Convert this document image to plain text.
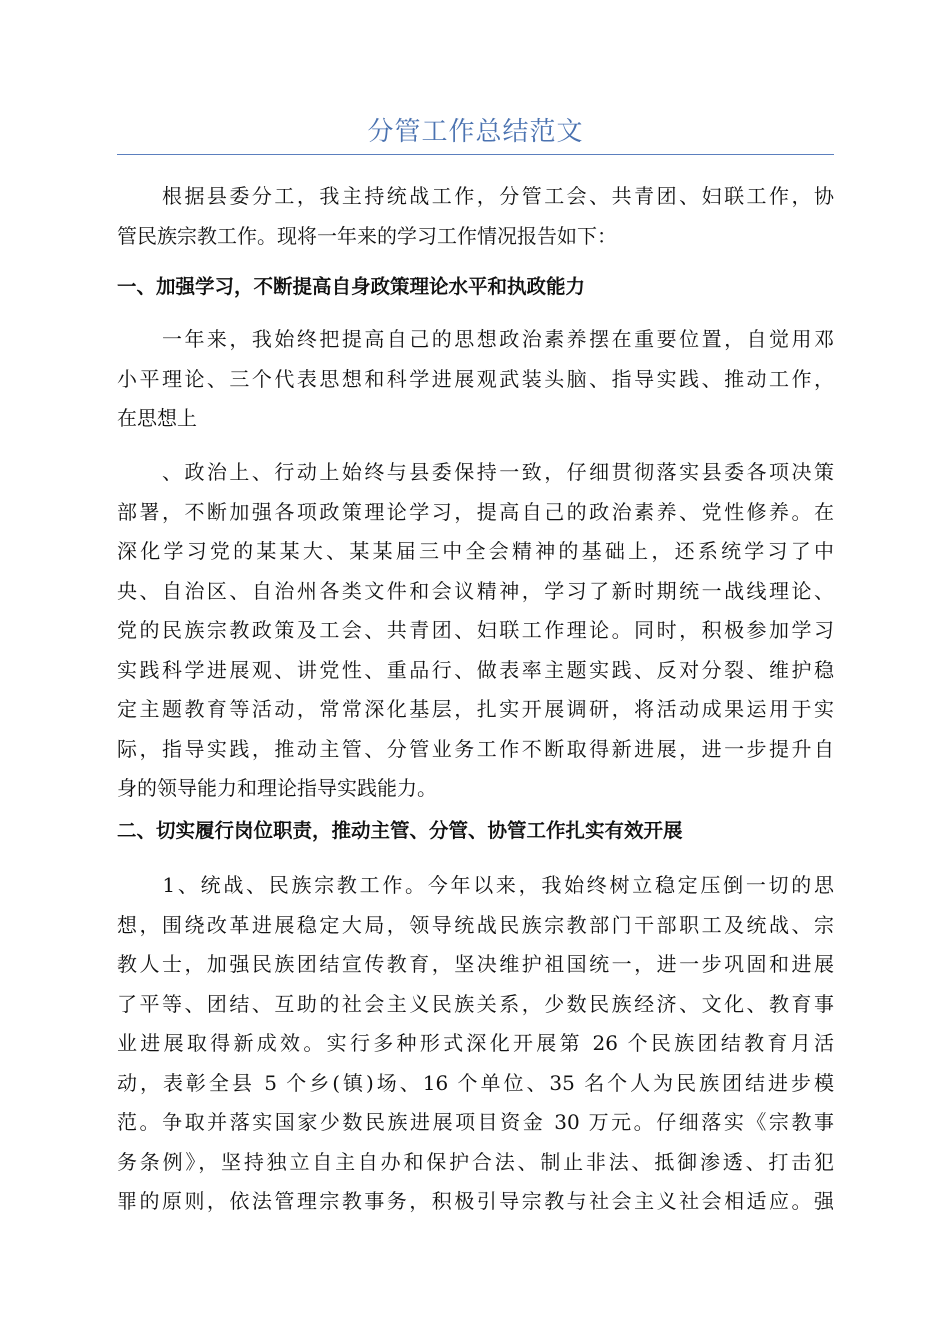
分管工作总结范文
　　根据县委分工，我主持统战工作，分管工会、共青团、妇联工作，协
管民族宗教工作。现将一年来的学习工作情况报告如下：
一、加强学习，不断提高自身政策理论水平和执政能力
　　一年来，我始终把提高自己的思想政治素养摆在重要位置，自觉用邓
小平理论、三个代表思想和科学进展观武装头脑、指导实践、推动工作，
在思想上
　　、政治上、行动上始终与县委保持一致，仔细贯彻落实县委各项决策
部署，不断加强各项政策理论学习，提高自己的政治素养、党性修养。在
深化学习党的某某大、某某届三中全会精神的基础上，还系统学习了中
央、自治区、自治州各类文件和会议精神，学习了新时期统一战线理论、
党的民族宗教政策及工会、共青团、妇联工作理论。同时，积极参加学习
实践科学进展观、讲党性、重品行、做表率主题实践、反对分裂、维护稳
定主题教育等活动，常常深化基层，扎实开展调研，将活动成果运用于实
际，指导实践，推动主管、分管业务工作不断取得新进展，进一步提升自
身的领导能力和理论指导实践能力。
二、切实履行岗位职责，推动主管、分管、协管工作扎实有效开展
　　1、统战、民族宗教工作。今年以来，我始终树立稳定压倒一切的思
想，围绕改革进展稳定大局，领导统战民族宗教部门干部职工及统战、宗
教人士，加强民族团结宣传教育，坚决维护祖国统一，进一步巩固和进展
了平等、团结、互助的社会主义民族关系，少数民族经济、文化、教育事
业进展取得新成效。实行多种形式深化开展第 26 个民族团结教育月活
动，表彰全县 5 个乡(镇)场、16 个单位、35 名个人为民族团结进步模
范。争取并落实国家少数民族进展项目资金 30 万元。仔细落实《宗教事
务条例》，坚持独立自主自办和保护合法、制止非法、抵御渗透、打击犯
罪的原则，依法管理宗教事务，积极引导宗教与社会主义社会相适应。强
